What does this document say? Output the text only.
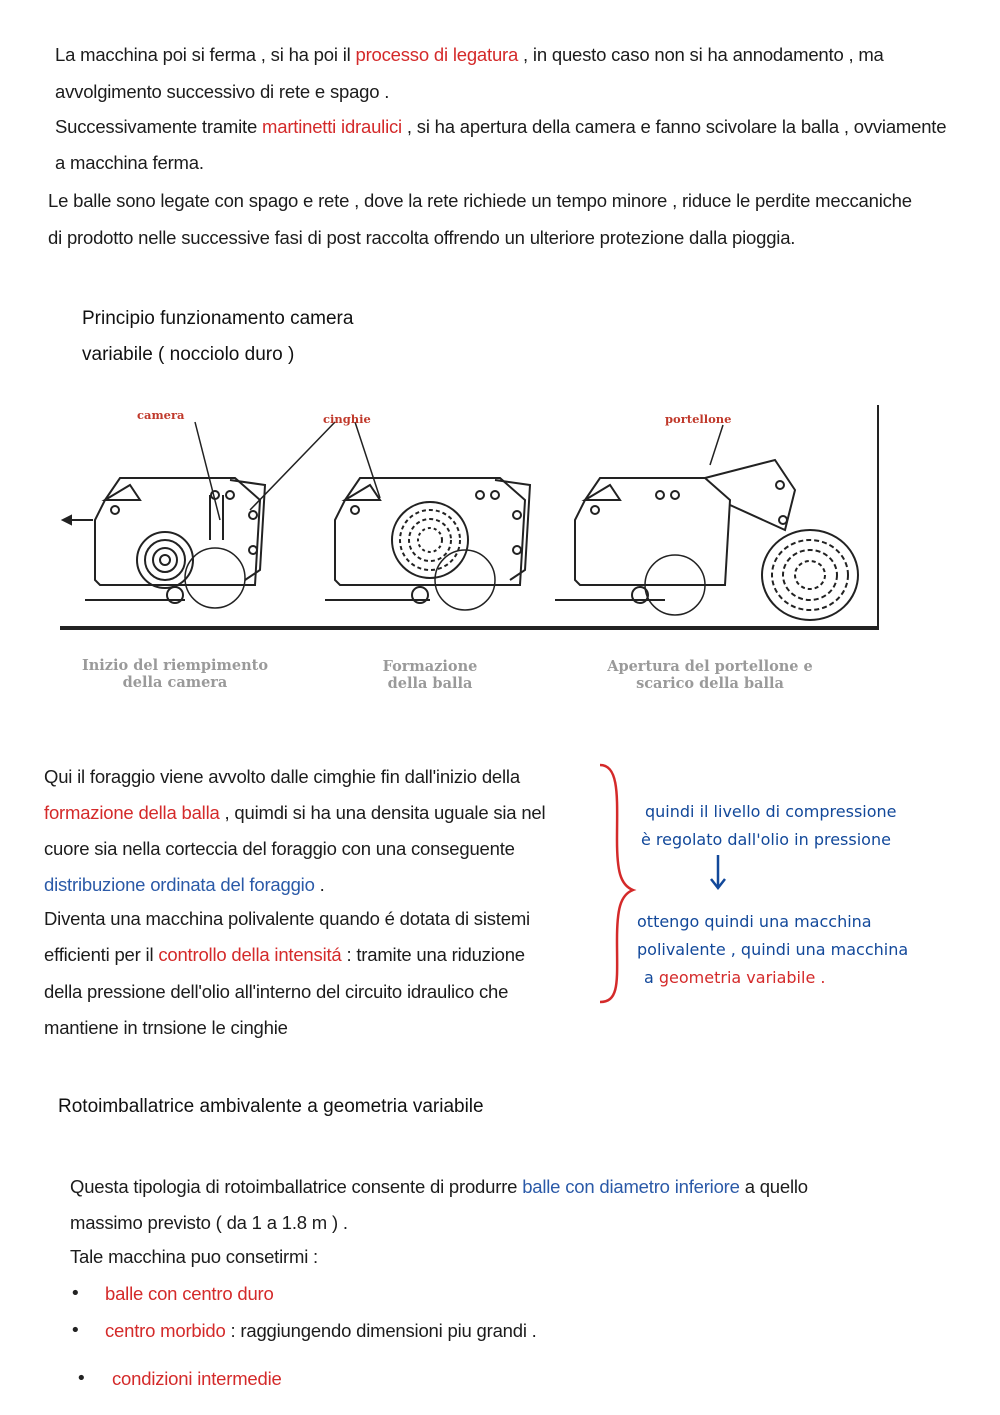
La macchina poi si ferma , si ha poi il processo di legatura , in questo caso non si ha annodamento , ma
avvolgimento successivo di rete e spago .
Successivamente tramite martinetti idraulici , si ha apertura della camera e fanno scivolare la balla , ovviamente
a macchina ferma.
Le balle sono legate con spago e rete , dove la rete richiede un tempo minore , riduce le perdite meccaniche
di prodotto nelle successive fasi di post raccolta offrendo un ulteriore protezione dalla pioggia.
Principio funzionamento camera
variabile ( nocciolo duro )
camera	cinghie	portellone
Inizio del riempimento
della camera
Formazione
della balla
Apertura del portellone e
scarico della balla
Qui il foraggio viene avvolto dalle cimghie fin dall'inizio della
formazione della balla , quimdi si ha una densita uguale sia nel
cuore sia nella corteccia del foraggio con una conseguente
distribuzione ordinata del foraggio .
Diventa una macchina polivalente quando é dotata di sistemi
efficienti per il controllo della intensitá : tramite una riduzione
della pressione dell'olio all'interno del circuito idraulico che
mantiene in trnsione le cinghie
quindi il livello di compressione
è regolato dall'olio in pressione
ottengo quindi una macchina
polivalente , quindi una macchina
a geometria variabile .
Rotoimballatrice ambivalente a geometria variabile
Questa tipologia di rotoimballatrice consente di produrre balle con diametro inferiore a quello
massimo previsto ( da 1 a 1.8 m ) .
Tale macchina puo consetirmi :
• balle con centro duro
• centro morbido : raggiungendo dimensioni piu grandi .
• condizioni intermedie
